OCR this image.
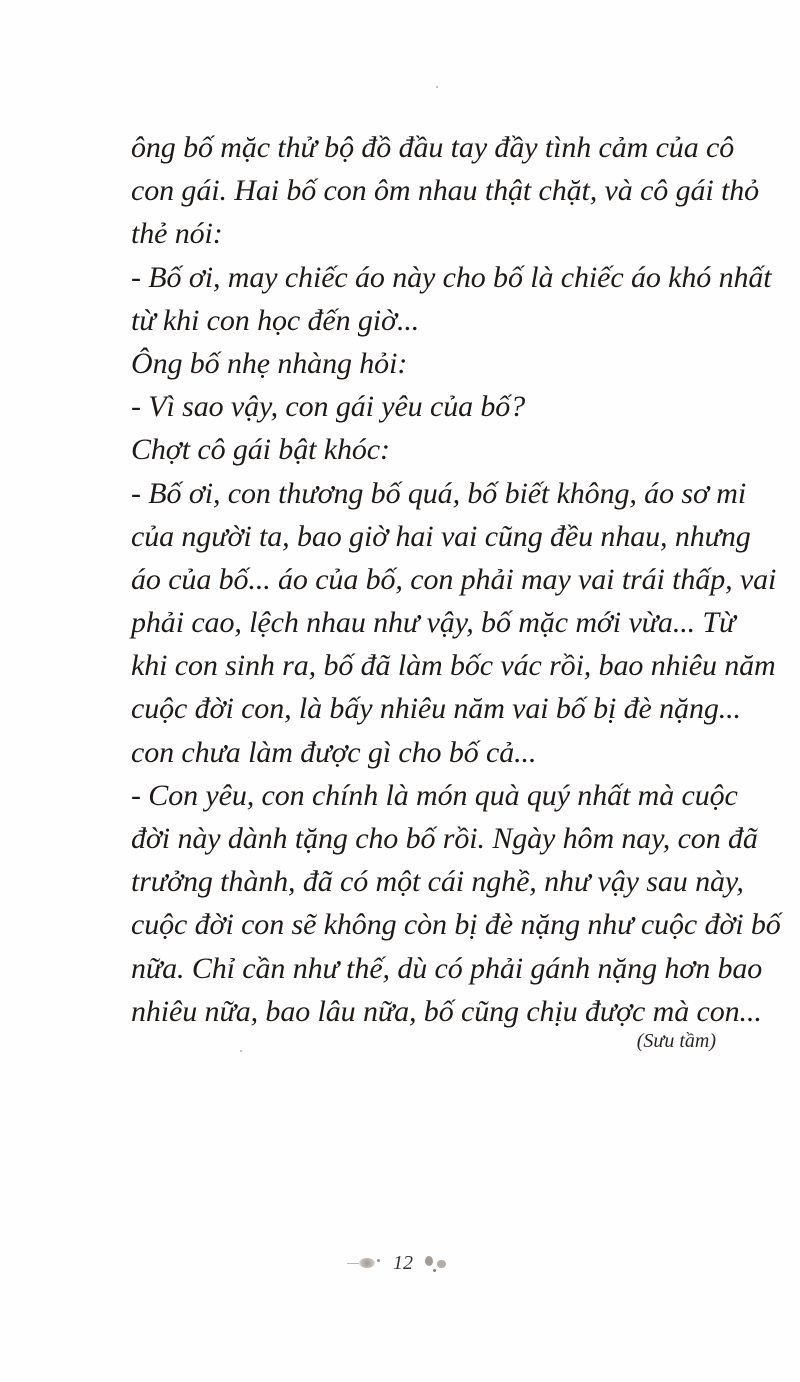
ông bố mặc thử bộ đồ đầu tay đầy tình cảm của cô
con gái. Hai bố con ôm nhau thật chặt, và cô gái thỏ
thẻ nói:
- Bố ơi, may chiếc áo này cho bố là chiếc áo khó nhất
từ khi con học đến giờ...
Ông bố nhẹ nhàng hỏi:
- Vì sao vậy, con gái yêu của bố?
Chợt cô gái bật khóc:
- Bố ơi, con thương bố quá, bố biết không, áo sơ mi
của người ta, bao giờ hai vai cũng đều nhau, nhưng
áo của bố... áo của bố, con phải may vai trái thấp, vai
phải cao, lệch nhau như vậy, bố mặc mới vừa... Từ
khi con sinh ra, bố đã làm bốc vác rồi, bao nhiêu năm
cuộc đời con, là bấy nhiêu năm vai bố bị đè nặng...
con chưa làm được gì cho bố cả...
- Con yêu, con chính là món quà quý nhất mà cuộc
đời này dành tặng cho bố rồi. Ngày hôm nay, con đã
trưởng thành, đã có một cái nghề, như vậy sau này,
cuộc đời con sẽ không còn bị đè nặng như cuộc đời bố
nữa. Chỉ cần như thế, dù có phải gánh nặng hơn bao
nhiêu nữa, bao lâu nữa, bố cũng chịu được mà con...
(Sưu tầm)
12
